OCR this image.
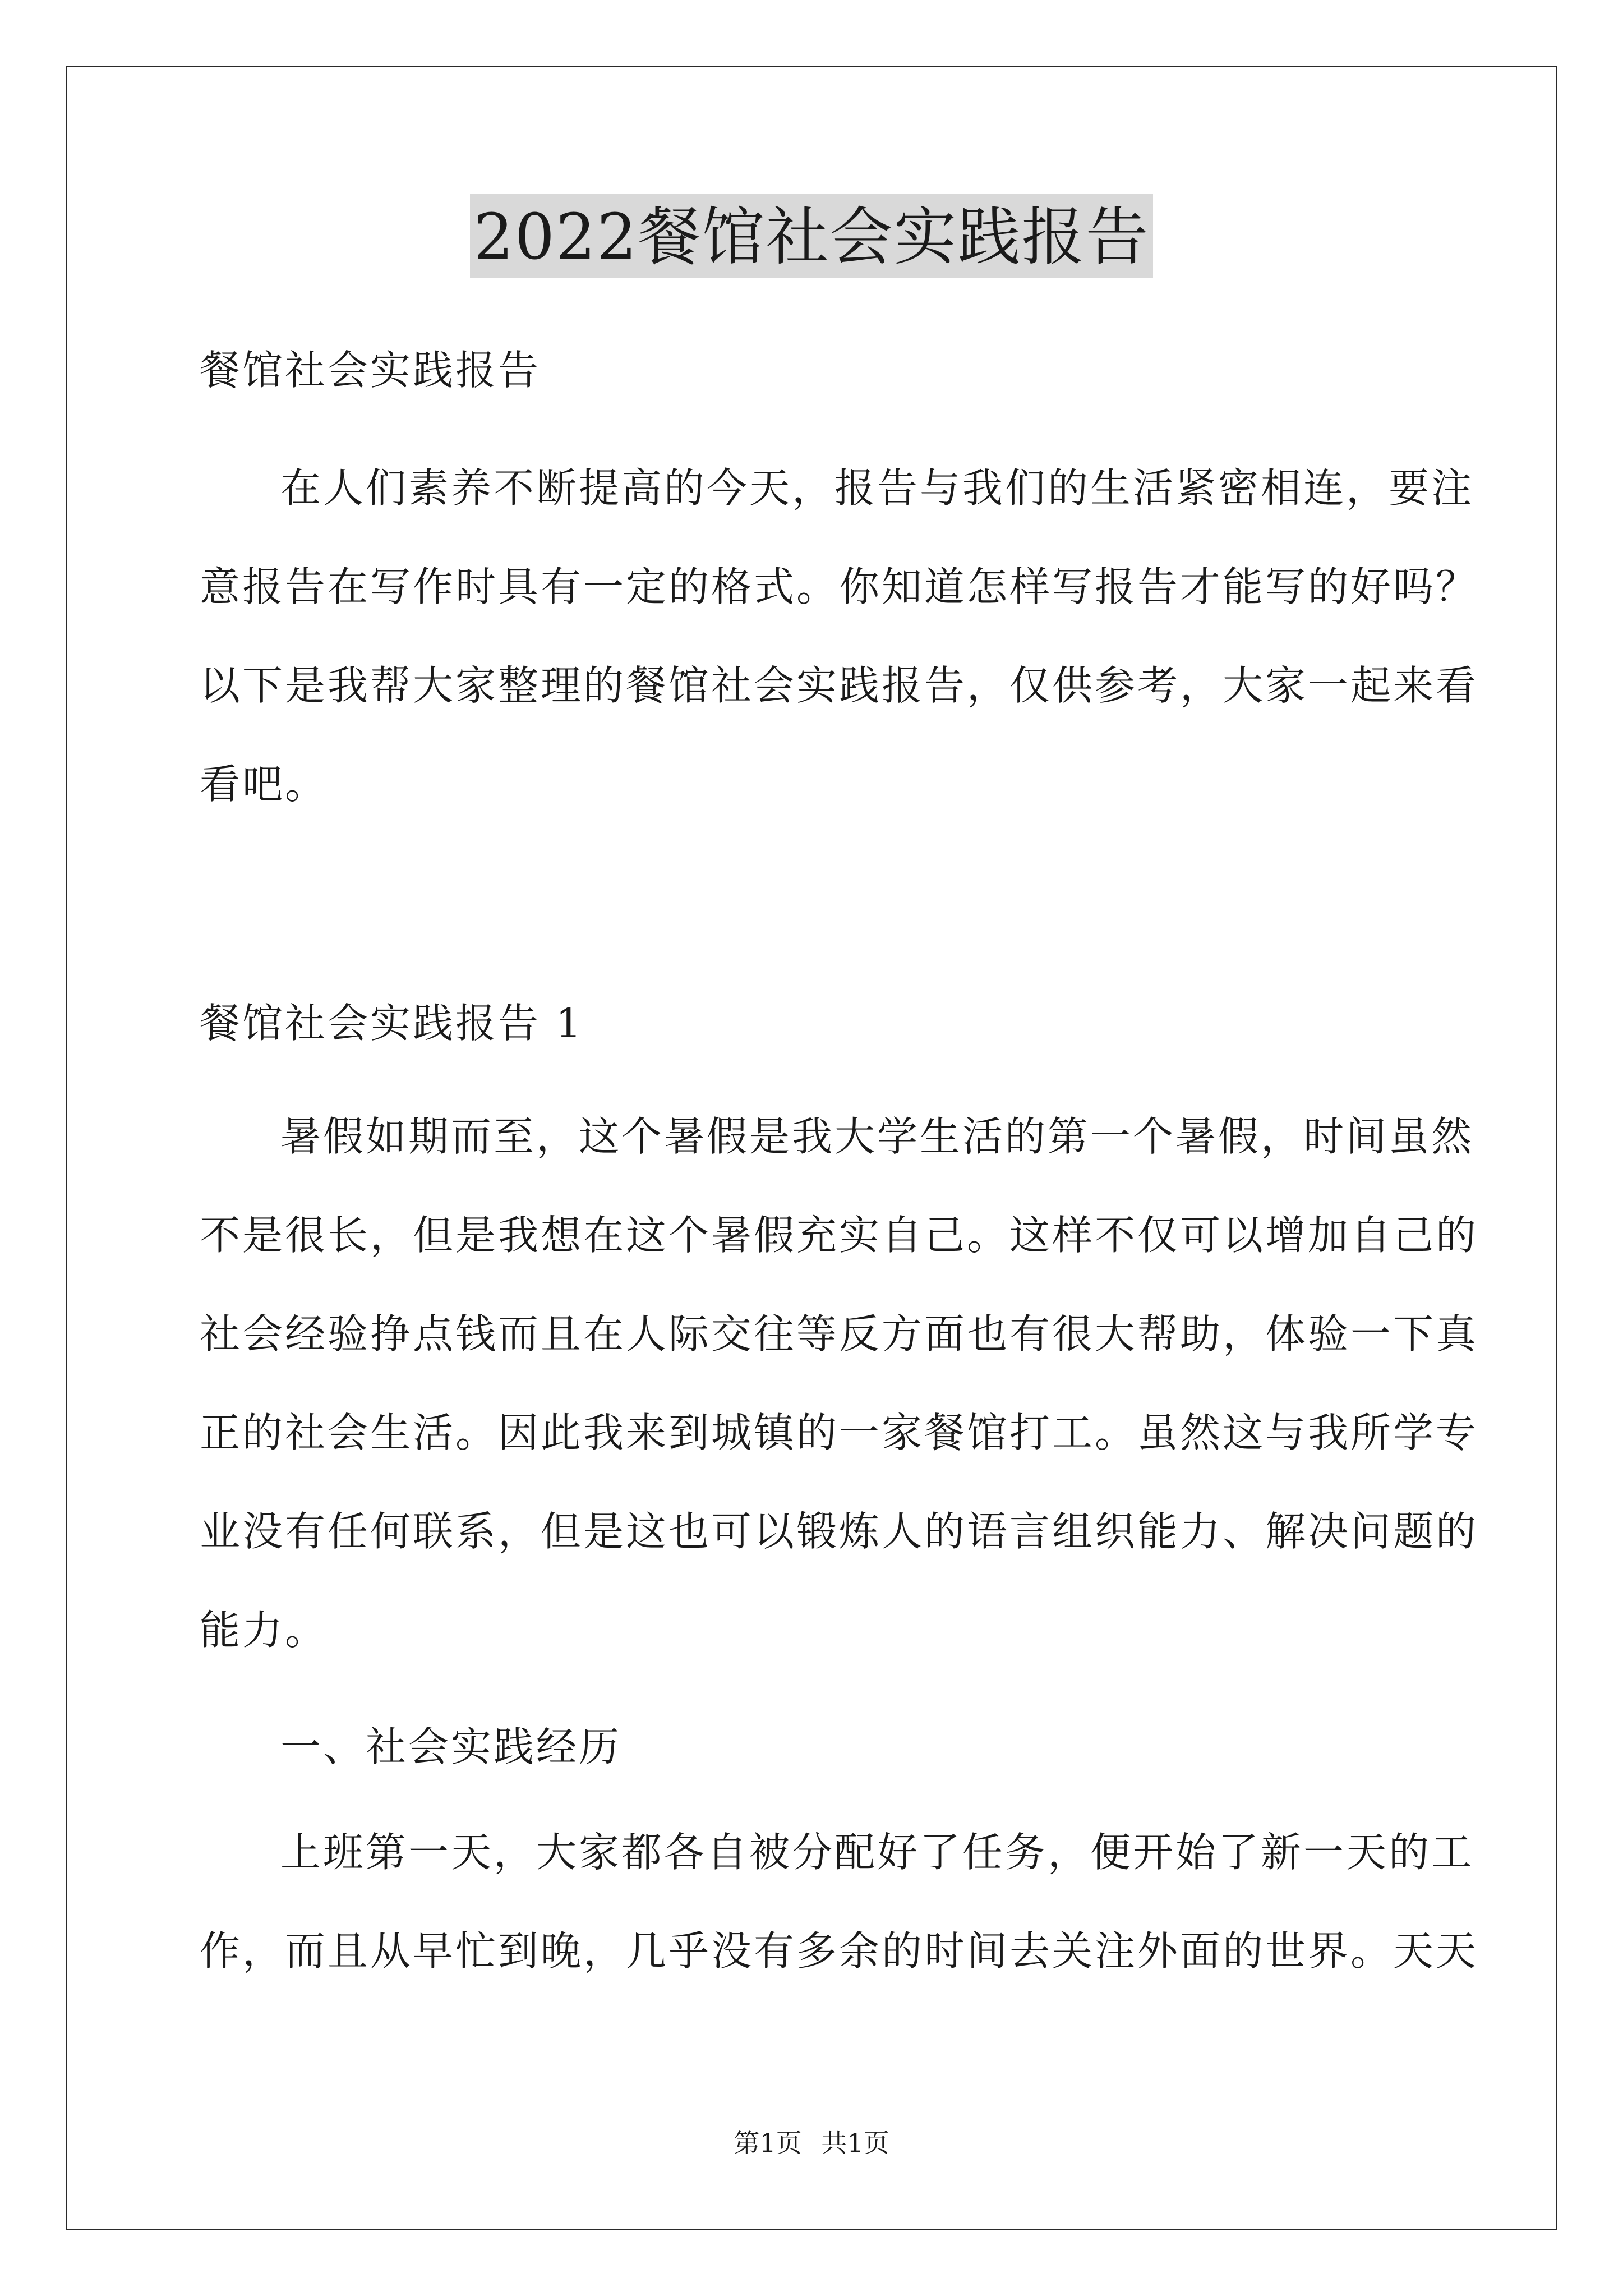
2022餐馆社会实践报告

餐馆社会实践报告

在人们素养不断提高的今天，报告与我们的生活紧密相连，要注

意报告在写作时具有一定的格式。你知道怎样写报告才能写的好吗？

以下是我帮大家整理的餐馆社会实践报告，仅供参考，大家一起来看

看吧。

餐馆社会实践报告 1

暑假如期而至，这个暑假是我大学生活的第一个暑假，时间虽然

不是很长，但是我想在这个暑假充实自己。这样不仅可以增加自己的

社会经验挣点钱而且在人际交往等反方面也有很大帮助，体验一下真

正的社会生活。因此我来到城镇的一家餐馆打工。虽然这与我所学专

业没有任何联系，但是这也可以锻炼人的语言组织能力、解决问题的

能力。

一、社会实践经历

上班第一天，大家都各自被分配好了任务，便开始了新一天的工

作，而且从早忙到晚，几乎没有多余的时间去关注外面的世界。天天

第1页 共1页
